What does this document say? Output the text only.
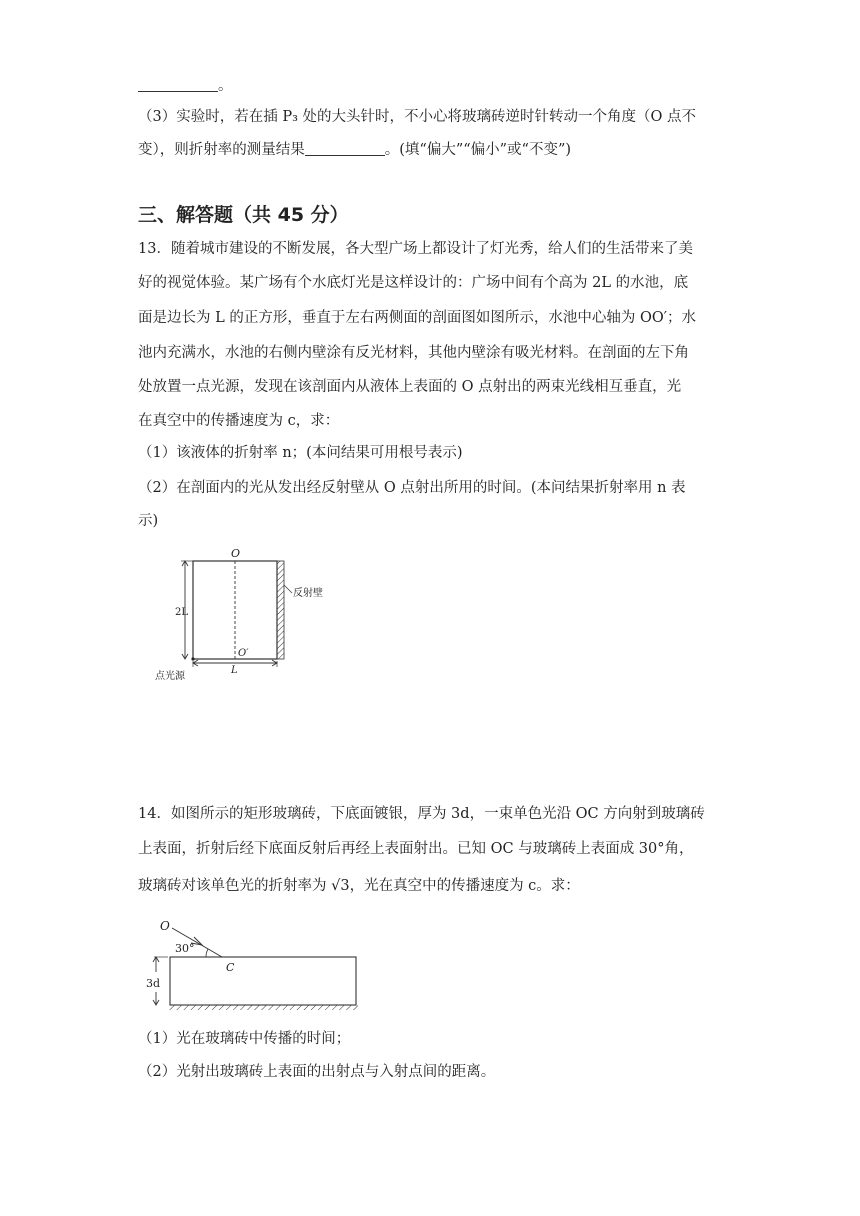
。
（3）实验时，若在插 P₃ 处的大头针时，不小心将玻璃砖逆时针转动一个角度（O 点不
变），则折射率的测量结果	。(填“偏大”“偏小”或“不变”)
三、解答题（共 45 分）
13．随着城市建设的不断发展，各大型广场上都设计了灯光秀，给人们的生活带来了美
好的视觉体验。某广场有个水底灯光是这样设计的：广场中间有个高为 2L 的水池，底
面是边长为 L 的正方形，垂直于左右两侧面的剖面图如图所示，水池中心轴为 OO′；水
池内充满水，水池的右侧内壁涂有反光材料，其他内壁涂有吸光材料。在剖面的左下角
处放置一点光源，发现在该剖面内从液体上表面的 O 点射出的两束光线相互垂直，光
在真空中的传播速度为 c，求：
（1）该液体的折射率 n；(本问结果可用根号表示)
（2）在剖面内的光从发出经反射壁从 O 点射出所用的时间。(本问结果折射率用 n 表
示)
O
反射壁
2L
O′
L
点光源
14．如图所示的矩形玻璃砖，下底面镀银，厚为 3d，一束单色光沿 OC 方向射到玻璃砖
上表面，折射后经下底面反射后再经上表面射出。已知 OC 与玻璃砖上表面成 30°角，
玻璃砖对该单色光的折射率为 √3，光在真空中的传播速度为 c。求：
O
30°
C
3d
（1）光在玻璃砖中传播的时间；
（2）光射出玻璃砖上表面的出射点与入射点间的距离。
